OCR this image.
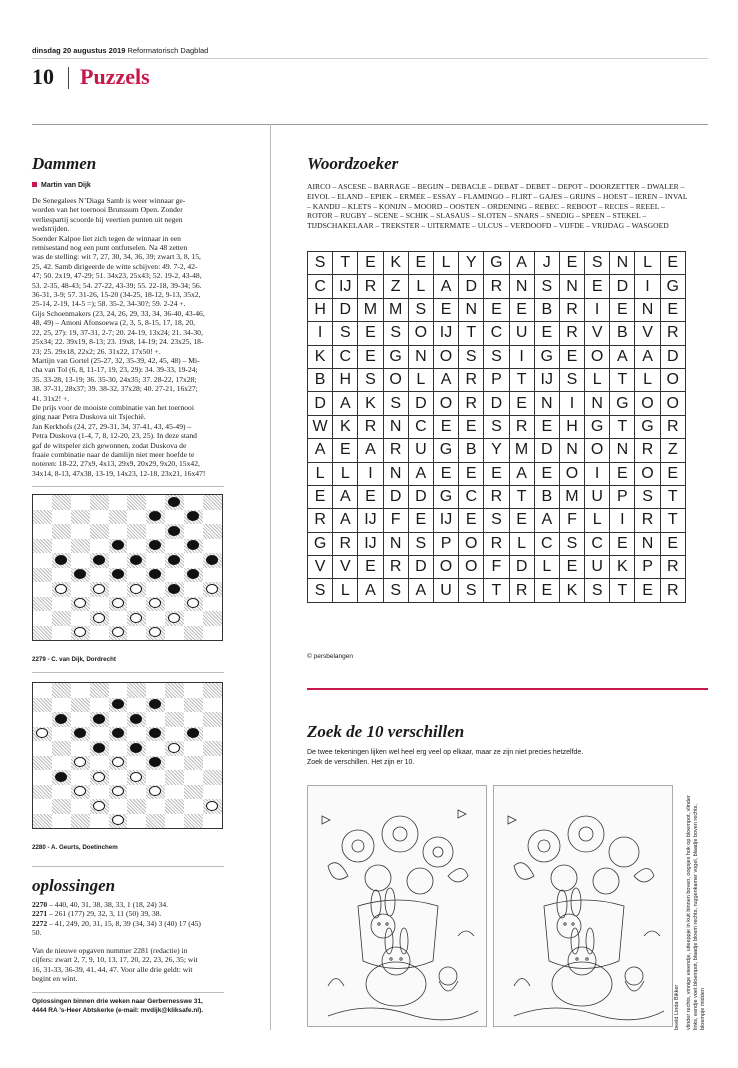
dinsdag 20 augustus 2019 Reformatorisch Dagblad
10 Puzzels
Dammen
Martin van Dijk
De Senegalees N’Diaga Samb is weer winnaar ge-
worden van het toernooi Brunssum Open. Zonder
verliespartij scoorde hij veertien punten uit negen
wedstrijden.
Soender Kalpoe liet zich tegen de winnaar in een
remisestand nog een punt ontfutselen. Na 48 zetten
was de stelling: wit 7, 27, 30, 34, 36, 39; zwart 3, 8, 15,
25, 42. Samb dirigeerde de witte schijven: 49. 7-2, 42-
47; 50. 2x19, 47-29; 51. 34x23, 25x43; 52. 19-2, 43-48,
53. 2-35, 48-43; 54. 27-22, 43-39; 55. 22-18, 39-34; 56.
36-31, 3-9; 57. 31-26, 15-20 (34-25, 18-12, 9-13, 35x2,
25-14, 2-19, 14-5 =); 58. 35-2, 34-30?; 59. 2-24 +.
Gijs Schoenmakers (23, 24, 26, 29, 33, 34, 36-40, 43-46,
48, 49) – Amoni Afonsoewa (2, 3, 5, 8-15, 17, 18, 20,
22, 25, 27): 19, 37-31, 2-7; 20. 24-19, 13x24; 21. 34-30,
25x34; 22. 39x19, 8-13; 23. 19x8, 14-19; 24. 23x25, 18-
23; 25. 29x18, 22x2; 26. 31x22, 17x50! +.
Martijn van Gortel (25-27, 32, 35-39, 42, 45, 48) – Mi-
cha van Tol (6, 8, 11-17, 19, 23, 29): 34. 39-33, 19-24;
35. 33-28, 13-19; 36. 35-30, 24x35; 37. 28-22, 17x28;
38. 37-31, 28x37; 39. 38-32, 37x28; 40. 27-21, 16x27;
41. 31x2! +.
De prijs voor de mooiste combinatie van het toernooi
ging naar Petra Duskova uit Tsjechië.
Jan Kerkhofs (24, 27, 29-31, 34, 37-41, 43, 45-49) –
Petra Duskova (1-4, 7, 8, 12-20, 23, 25). In deze stand
gaf de witspeler zich gewonnen, zodat Duskova de
fraaie combinatie naar de damlijn niet meer hoefde te
noteren: 18-22, 27x9, 4x13, 29x9, 20x29, 9x20, 15x42,
34x14, 8-13, 47x38, 13-19, 14x23, 12-18, 23x21, 16x47!
2279 - C. van Dijk, Dordrecht
2280 - A. Geurts, Doetinchem
oplossingen
2270 – 440, 40, 31, 38, 38, 33, 1 (18, 24) 34.
2271 – 261 (177) 29, 32, 3, 11 (50) 39, 38.
2272 – 41, 249, 20, 31, 15, 8, 39 (34, 34) 3 (40) 17 (45)
50.
Van de nieuwe opgaven nummer 2281 (redactie) in
cijfers: zwart 2, 7, 9, 10, 13, 17, 20, 22, 23, 26, 35; wit
16, 31-33, 36-39, 41, 44, 47. Voor alle drie geldt: wit
begint en wint.
Oplossingen binnen drie weken naar Gerbernesswe 31,
4444 RA ’s-Heer Abtskerke (e-mail: mvdijk@kliksafe.nl).
Woordzoeker
AIRCO – ASCESE – BARRAGE – BEGIJN – DEBACLE – DEBAT – DEBET – DEPOT – DOORZETTER – DWALER – EIVOL – ELAND – EPIEK – ERMEE – ESSAY – FLAMINGO – FLIRT – GAJES – GRIJNS – HOEST – IEREN – INVAL – KANDIJ – KLETS – KONIJN – MOORD – OOSTEN – ORDENING – REBEC – REBOOT – RECES – REEEL – ROTOR – RUGBY – SCENE – SCHIK – SLASAUS – SLOTEN – SNARS – SNEDIG – SPEEN – STEKEL – TIJDSCHAKELAAR – TREKSTER – UITERMATE – ULCUS – VERDOOFD – VIJFDE – VRIJDAG – WASGOED
S	T	E	K	E	L	Y	G	A	J	E	S	N	L	E
C	IJ	R	Z	L	A	D	R	N	S	N	E	D	I	G
H	D	M	M	S	E	N	E	E	B	R	I	E	N	E
I	S	E	S	O	IJ	T	C	U	E	R	V	B	V	R
K	C	E	G	N	O	S	S	I	G	E	O	A	A	D
B	H	S	O	L	A	R	P	T	IJ	S	L	T	L	O
D	A	K	S	D	O	R	D	E	N	I	N	G	O	O
W	K	R	N	C	E	E	S	R	E	H	G	T	G	R
A	E	A	R	U	G	B	Y	M	D	N	O	N	R	Z
L	L	I	N	A	E	E	E	A	E	O	I	E	O	E
E	A	E	D	D	G	C	R	T	B	M	U	P	S	T
R	A	IJ	F	E	IJ	E	S	E	A	F	L	I	R	T
G	R	IJ	N	S	P	O	R	L	C	S	C	E	N	E
V	V	E	R	D	O	O	F	D	L	E	U	K	P	R
S	L	A	S	A	U	S	T	R	E	K	S	T	E	R
© persbelangen
Zoek de 10 verschillen
De twee tekeningen lijken wel heel erg veel op elkaar, maar ze zijn niet precies hetzelfde.
Zoek de verschillen. Het zijn er 10.
beeld Linda Bikker vlinder rechts, vinnige eieendje, uiteeppje in kuit binnen boven, oogsjes hok op bloempot, vlinder links, eendje voet bloempot, blaadje bloem rechts, ruggenkamer vogel, blaadje boven rechts, bloempje midden
